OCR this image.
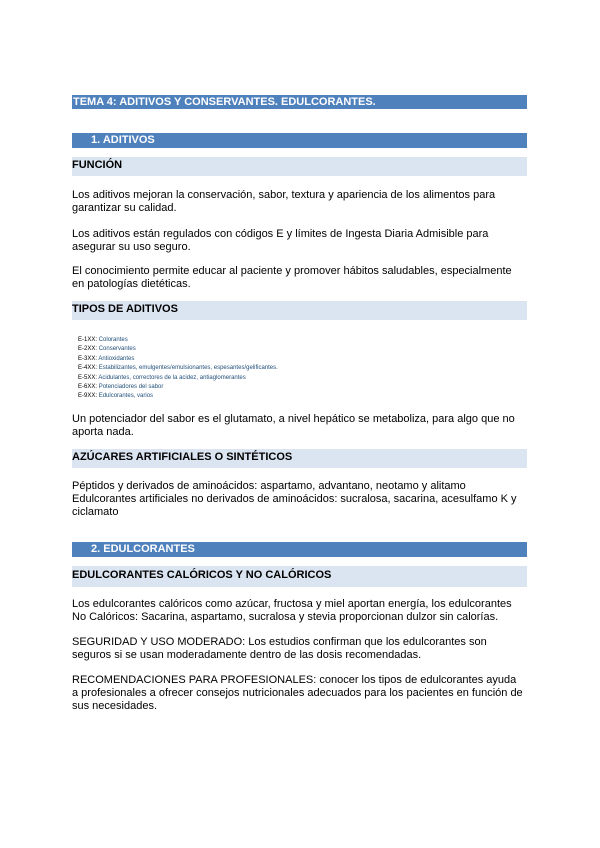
TEMA 4: ADITIVOS Y CONSERVANTES. EDULCORANTES.
1. ADITIVOS
FUNCIÓN
Los aditivos mejoran la conservación, sabor, textura y apariencia de los alimentos para
garantizar su calidad.
Los aditivos están regulados con códigos E y límites de Ingesta Diaria Admisible para
asegurar su uso seguro.
El conocimiento permite educar al paciente y promover hábitos saludables, especialmente
en patologías dietéticas.
TIPOS DE ADITIVOS
E-1XX: Colorantes
E-2XX: Conservantes
E-3XX: Antioxidantes
E-4XX: Estabilizantes, emulgentes/emulsionantes, espesantes/gelificantes.
E-5XX: Acidulantes, correctores de la acidez, antiaglomerantes
E-6XX: Potenciadores del sabor
E-9XX: Edulcorantes, varios
Un potenciador del sabor es el glutamato, a nivel hepático se metaboliza, para algo que no
aporta nada.
AZÚCARES ARTIFICIALES O SINTÉTICOS
Péptidos y derivados de aminoácidos: aspartamo, advantano, neotamo y alitamo
Edulcorantes artificiales no derivados de aminoácidos: sucralosa, sacarina, acesulfamo K y
ciclamato
2. EDULCORANTES
EDULCORANTES CALÓRICOS Y NO CALÓRICOS
Los edulcorantes calóricos como azúcar, fructosa y miel aportan energía, los edulcorantes
No Calóricos: Sacarina, aspartamo, sucralosa y stevia proporcionan dulzor sin calorías.
SEGURIDAD Y USO MODERADO: Los estudios confirman que los edulcorantes son
seguros si se usan moderadamente dentro de las dosis recomendadas.
RECOMENDACIONES PARA PROFESIONALES: conocer los tipos de edulcorantes ayuda
a profesionales a ofrecer consejos nutricionales adecuados para los pacientes en función de
sus necesidades.
